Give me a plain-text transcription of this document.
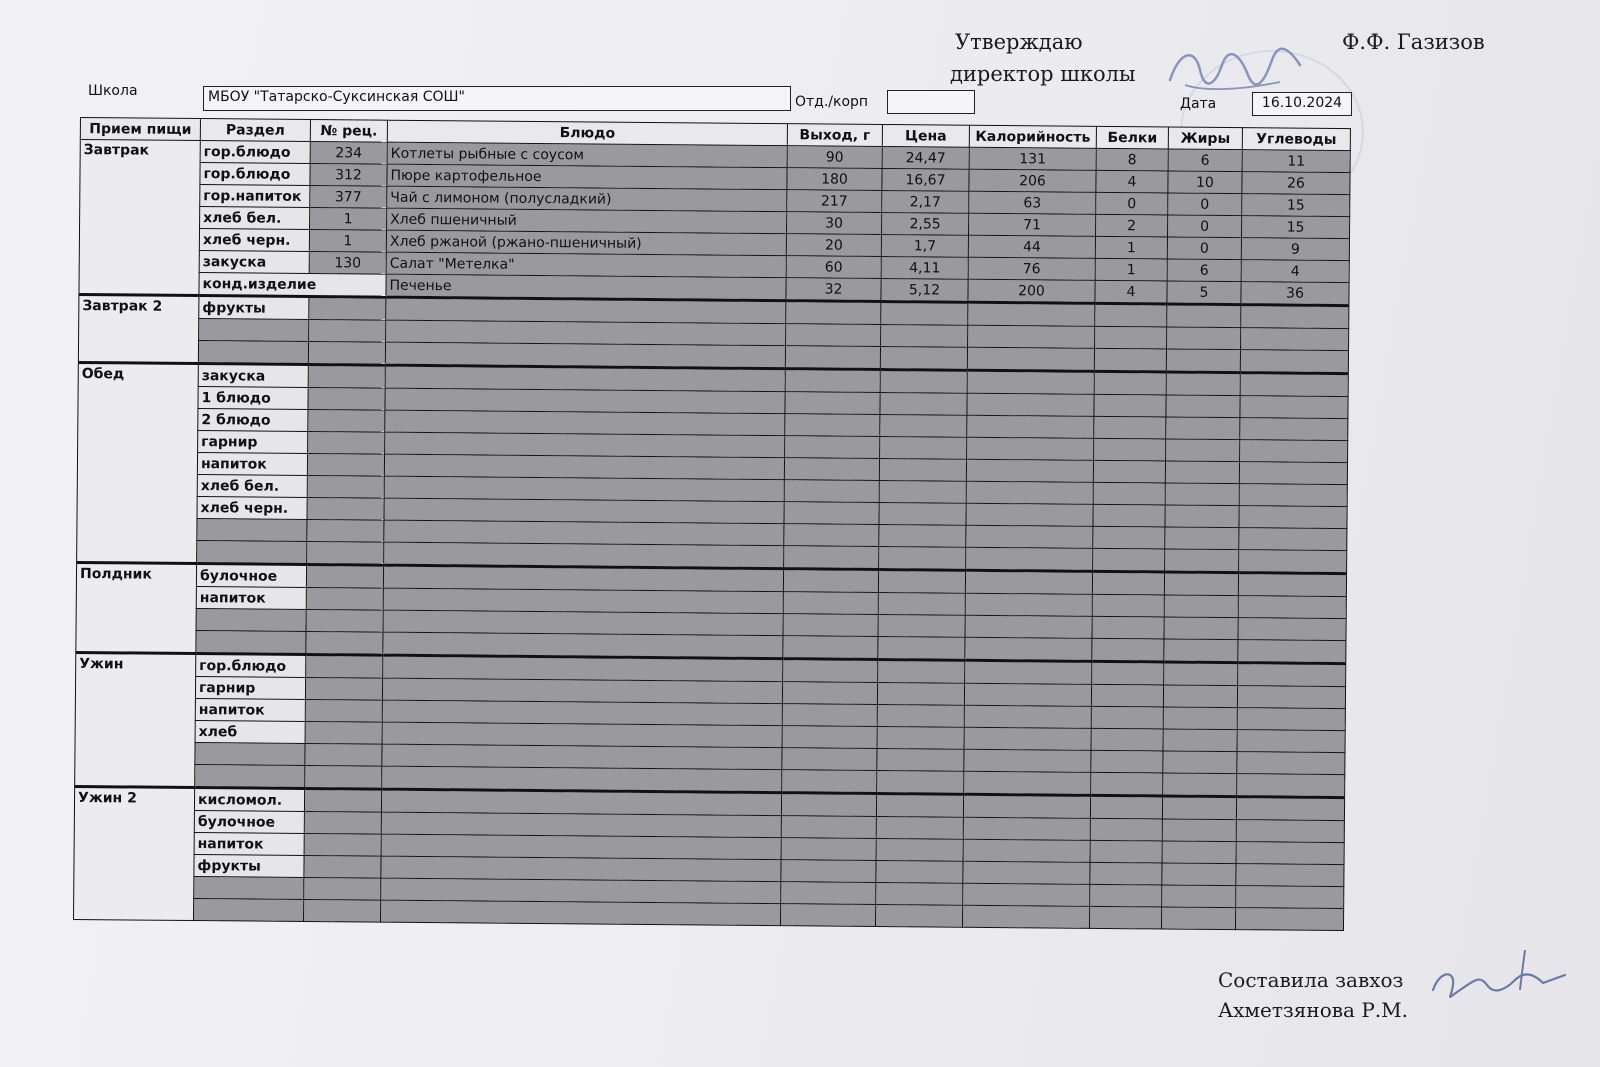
Утверждаю
директор школы
Ф.Ф. Газизов
Школа	МБОУ "Татарско-Суксинская СОШ"	Отд./корп	Дата	16.10.2024
Прием пищи	Раздел	№ рец.	Блюдо	Выход, г	Цена	Калорийность	Белки	Жиры	Углеводы
Завтрак	гор.блюдо	234	Котлеты рыбные с соусом	90	24,47	131	8	6	11
	гор.блюдо	312	Пюре картофельное	180	16,67	206	4	10	26
	гор.напиток	377	Чай с лимоном (полусладкий)	217	2,17	63	0	0	15
	хлеб бел.	1	Хлеб пшеничный	30	2,55	71	2	0	15
	хлеб черн.	1	Хлеб ржаной (ржано-пшеничный)	20	1,7	44	1	0	9
	закуска	130	Салат "Метелка"	60	4,11	76	1	6	4
	конд.изделие		Печенье	32	5,12	200	4	5	36
Завтрак 2	фрукты								

Обед	закуска								
	1 блюдо								
	2 блюдо								
	гарнир								
	напиток								
	хлеб бел.								
	хлеб черн.								

Полдник	булочное								
	напиток								

Ужин	гор.блюдо								
	гарнир								
	напиток								
	хлеб								

Ужин 2	кисломол.								
	булочное								
	напиток								
	фрукты								

Составила завхоз
Ахметзянова Р.М.
